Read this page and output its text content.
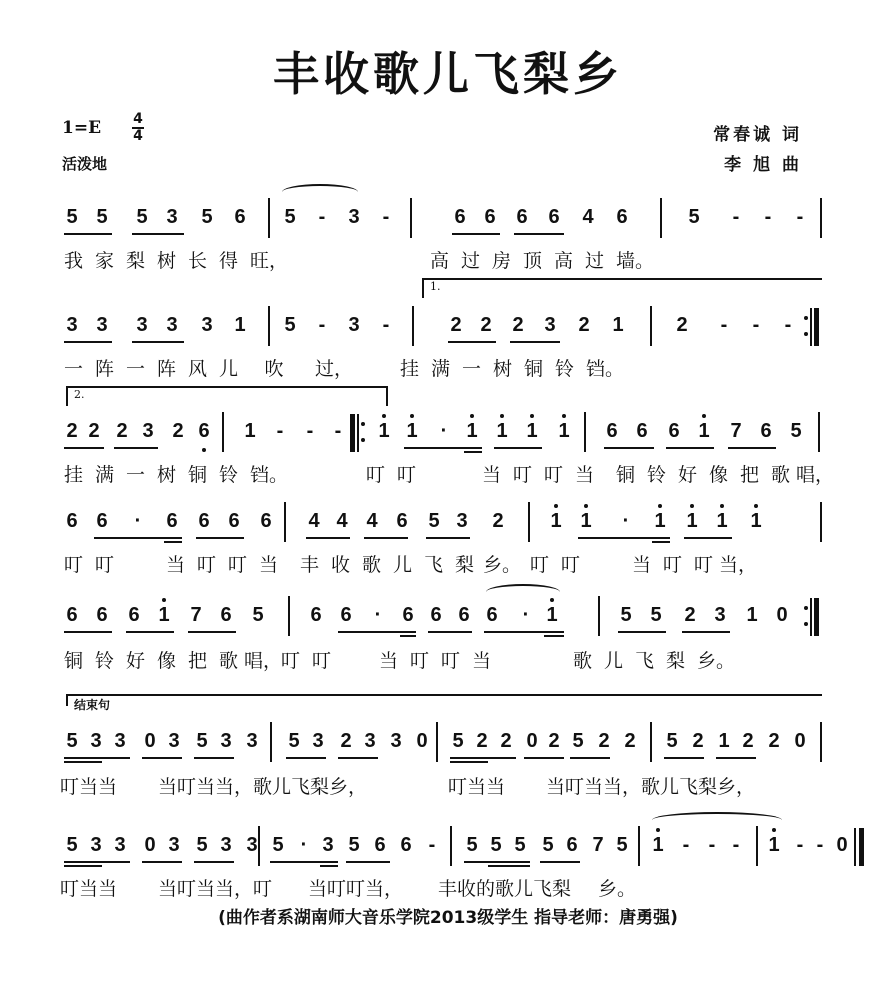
丰收歌儿飞梨乡
1=E 4
4
活泼地
常春诚 词
李 旭 曲
5 5 5 3 5 6 5	-	3	-	6 6 6 6 4 6	5	-	-	-
我 家 梨 树 长 得 旺，	高 过 房 顶 高 过 墙。
1.
3 3 3 3 3 1 5	-	3	-	2 2 2 3 2 1	2	-	-	-
一 阵 一 阵 风 儿 吹 过， 挂 满 一 树 铜 铃 铛。
2.
2 2 2 3 2 6 1	-	-	-	1 1	· 1 1 1 1 6 6 6 1 7 6 5
挂 满 一 树 铜 铃 铛。	叮 叮	当 叮 叮 当 铜 铃 好 像 把 歌 唱，
6 6	·	6 6 6 6 4 4 4 6 5 3 2 1 1	·	1 1 1 1
叮 叮	当 叮 叮 当 丰 收 歌 儿 飞 梨 乡。 叮 叮	当 叮 叮 当，
6 6 6 1 7 6 5 6 6	·	6 6 6 6	· 1	5 5 2 3 1 0
铜 铃 好 像 把 歌 唱，叮 叮	当 叮 叮 当	歌 儿 飞 梨 乡。
结束句
5 3 3 0 3 5 3 3 5 3 2 3 3 0 5 2 2 0 2 5 2 2 5 2 1 2 2 0
叮当当 当叮当当，歌儿飞梨乡，	叮当当 当叮当当，歌儿飞梨乡，
5 3 3 0 3 5 3 3 5 · 3 5 6 6 -	5 5 5 5 6 7 5 1 - - -	1 - - 0
叮当当 当叮当当，叮 当叮叮当， 丰收的歌儿飞梨 乡。
(曲作者系湖南师大音乐学院2013级学生 指导老师：唐勇强)
